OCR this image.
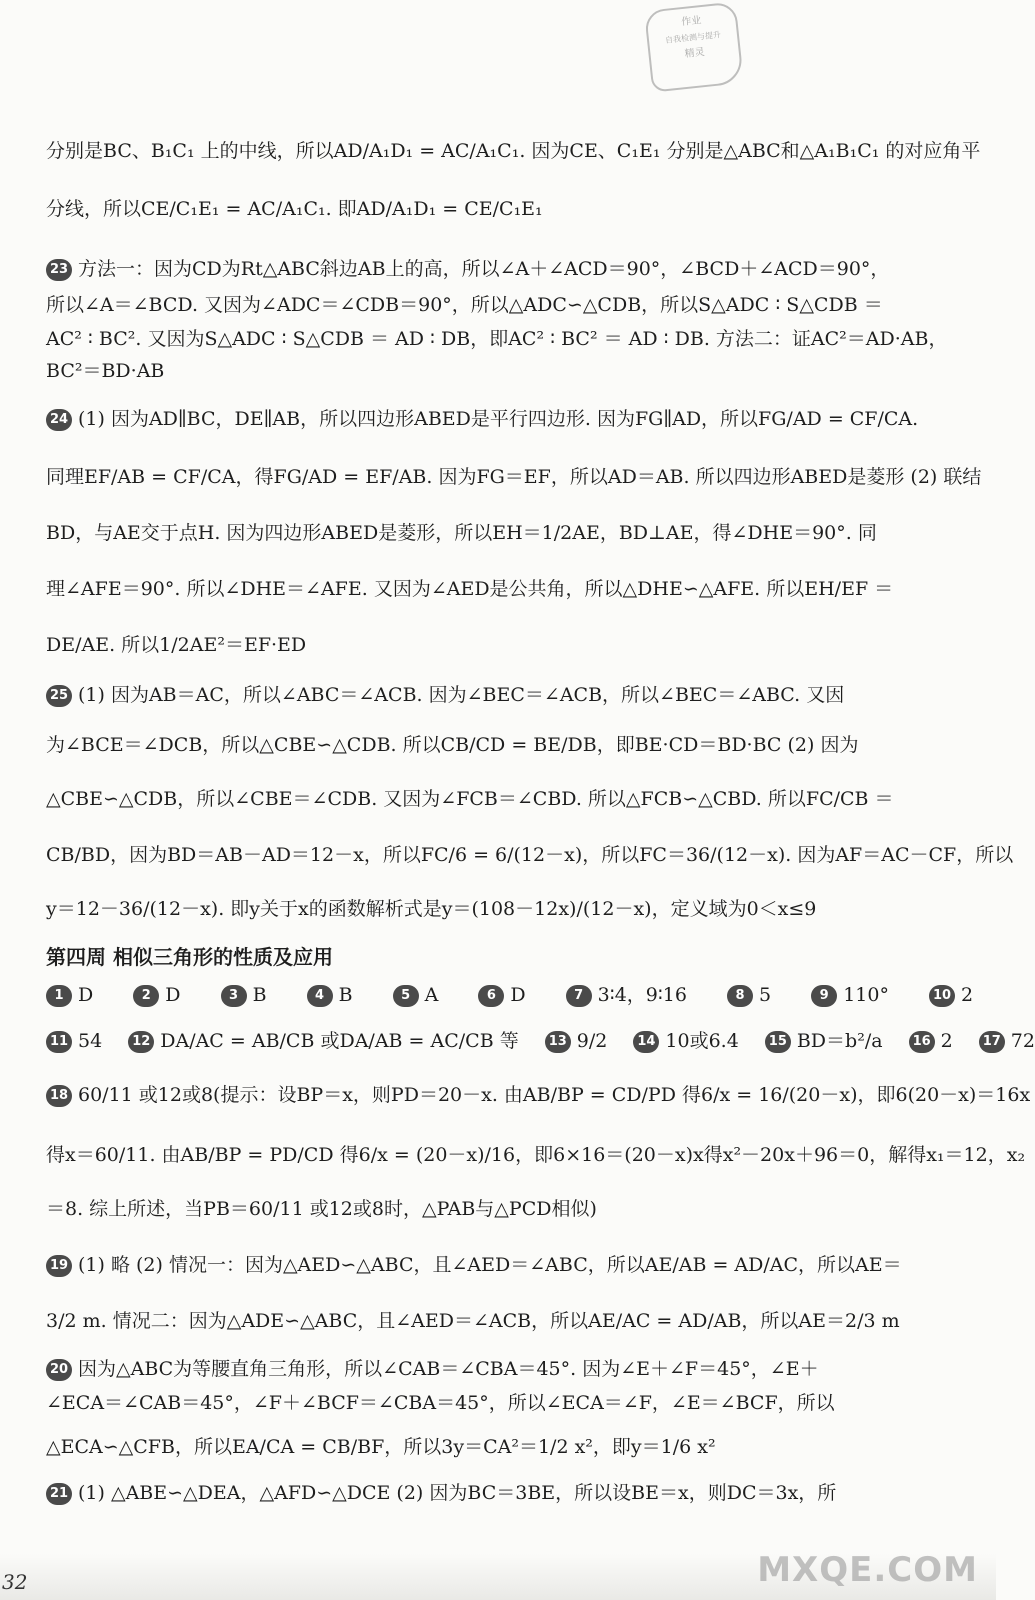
作业
自我检测与提升
精灵
分别是BC、B₁C₁ 上的中线，所以AD/A₁D₁ = AC/A₁C₁. 因为CE、C₁E₁ 分别是△ABC和△A₁B₁C₁ 的对应角平
分线，所以CE/C₁E₁ = AC/A₁C₁. 即AD/A₁D₁ = CE/C₁E₁
23 方法一：因为CD为Rt△ABC斜边AB上的高，所以∠A＋∠ACD＝90°，∠BCD＋∠ACD＝90°，
所以∠A＝∠BCD. 又因为∠ADC＝∠CDB＝90°，所以△ADC∽△CDB，所以S△ADC ∶ S△CDB ＝
AC² ∶ BC². 又因为S△ADC ∶ S△CDB ＝ AD ∶ DB，即AC² ∶ BC² ＝ AD ∶ DB. 方法二：证AC²＝AD·AB，
BC²＝BD·AB
24 (1) 因为AD∥BC，DE∥AB，所以四边形ABED是平行四边形. 因为FG∥AD，所以FG/AD = CF/CA.
同理EF/AB = CF/CA，得FG/AD = EF/AB. 因为FG＝EF，所以AD＝AB. 所以四边形ABED是菱形 (2) 联结
BD，与AE交于点H. 因为四边形ABED是菱形，所以EH＝1/2AE，BD⊥AE，得∠DHE＝90°. 同
理∠AFE＝90°. 所以∠DHE＝∠AFE. 又因为∠AED是公共角，所以△DHE∽△AFE. 所以EH/EF ＝
DE/AE. 所以1/2AE²＝EF·ED
25 (1) 因为AB＝AC，所以∠ABC＝∠ACB. 因为∠BEC＝∠ACB，所以∠BEC＝∠ABC. 又因
为∠BCE＝∠DCB，所以△CBE∽△CDB. 所以CB/CD = BE/DB，即BE·CD＝BD·BC (2) 因为
△CBE∽△CDB，所以∠CBE＝∠CDB. 又因为∠FCB＝∠CBD. 所以△FCB∽△CBD. 所以FC/CB ＝
CB/BD，因为BD＝AB－AD＝12－x，所以FC/6 = 6/(12－x)，所以FC＝36/(12－x). 因为AF＝AC－CF，所以
y＝12－36/(12－x). 即y关于x的函数解析式是y＝(108－12x)/(12－x)，定义域为0＜x≤9
第四周 相似三角形的性质及应用
1 D	2 D	3 B	4 B	5 A	6 D	7 3∶4，9∶16	8 5	9 110°	10 2
11 54 12 DA/AC = AB/CB 或DA/AB = AC/CB 等 13 9/2 14 10或6.4 15 BD＝b²/a 16 2 17 72
18 60/11 或12或8(提示：设BP＝x，则PD＝20－x. 由AB/BP = CD/PD 得6/x = 16/(20－x)，即6(20－x)＝16x
得x＝60/11. 由AB/BP = PD/CD 得6/x = (20－x)/16，即6×16＝(20－x)x得x²－20x＋96＝0，解得x₁＝12，x₂
＝8. 综上所述，当PB＝60/11 或12或8时，△PAB与△PCD相似)
19 (1) 略 (2) 情况一：因为△AED∽△ABC，且∠AED＝∠ABC，所以AE/AB = AD/AC，所以AE＝
3/2 m. 情况二：因为△ADE∽△ABC，且∠AED＝∠ACB，所以AE/AC = AD/AB，所以AE＝2/3 m
20 因为△ABC为等腰直角三角形，所以∠CAB＝∠CBA＝45°. 因为∠E＋∠F＝45°，∠E＋
∠ECA＝∠CAB＝45°，∠F＋∠BCF＝∠CBA＝45°，所以∠ECA＝∠F，∠E＝∠BCF，所以
△ECA∽△CFB，所以EA/CA = CB/BF，所以3y＝CA²＝1/2 x²，即y＝1/6 x²
21 (1) △ABE∽△DEA，△AFD∽△DCE (2) 因为BC＝3BE，所以设BE＝x，则DC＝3x，所
32	MXQE.COM
